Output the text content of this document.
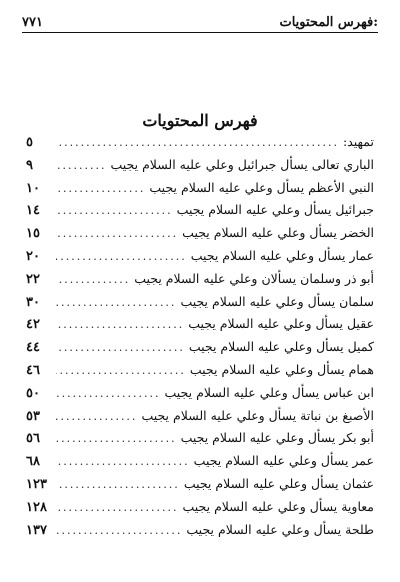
فهرس المحتويات:
٧٧١
فهرس المحتويات
تمهيد:
.....
٥
الباري تعالى يسأل جبرائيل وعلي عليه السلام يجيب
.....
٩
النبي الأعظم يسأل وعلي عليه السلام يجيب
.....
١٠
جبرائيل يسأل وعلي عليه السلام يجيب
.....
١٤
الخضر يسأل وعلي عليه السلام يجيب
.....
١٥
عمار يسأل وعلي عليه السلام يجيب
.....
٢٠
أبو ذر وسلمان يسألان وعلي عليه السلام يجيب
.....
٢٢
سلمان يسأل وعلي عليه السلام يجيب
.....
٣٠
عقيل يسأل وعلي عليه السلام يجيب
.....
٤٢
كميل يسأل وعلي عليه السلام يجيب
.....
٤٤
همام يسأل وعلي عليه السلام يجيب
.....
٤٦
ابن عباس يسأل وعلي عليه السلام يجيب
.....
٥٠
الأصبغ بن نباتة يسأل وعلي عليه السلام يجيب
.....
٥٣
أبو بكر يسأل وعلي عليه السلام يجيب
.....
٥٦
عمر يسأل وعلي عليه السلام يجيب
.....
٦٨
عثمان يسأل وعلي عليه السلام يجيب
.....
١٢٣
معاوية يسأل وعلي عليه السلام يجيب
.....
١٢٨
طلحة يسأل وعلي عليه السلام يجيب
.....
١٣٧
